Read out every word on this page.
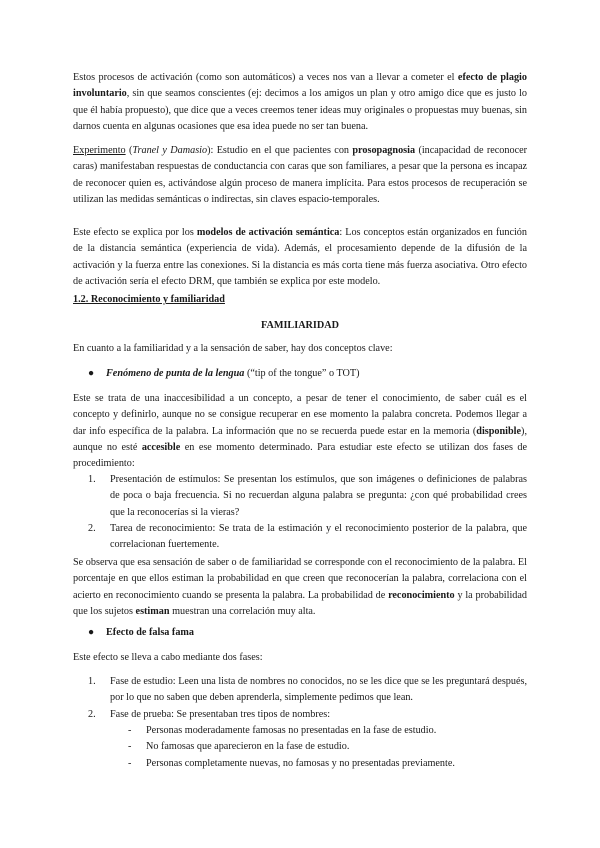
Estos procesos de activación (como son automáticos) a veces nos van a llevar a cometer el efecto de plagio involuntario, sin que seamos conscientes (ej: decimos a los amigos un plan y otro amigo dice que es justo lo que él había propuesto), que dice que a veces creemos tener ideas muy originales o propuestas muy buenas, sin darnos cuenta en algunas ocasiones que esa idea puede no ser tan buena.

Experimento (Tranel y Damasio): Estudio en el que pacientes con prosopagnosia (incapacidad de reconocer caras) manifestaban respuestas de conductancia con caras que son familiares, a pesar que la persona es incapaz de reconocer quien es, activándose algún proceso de manera implícita. Para estos procesos de recuperación se utilizan las medidas semánticas o indirectas, sin claves espacio-temporales.

Este efecto se explica por los modelos de activación semántica: Los conceptos están organizados en función de la distancia semántica (experiencia de vida). Además, el procesamiento depende de la difusión de la activación y la fuerza entre las conexiones. Si la distancia es más corta tiene más fuerza asociativa. Otro efecto de activación sería el efecto DRM, que también se explica por este modelo.

1.2. Reconocimiento y familiaridad

FAMILIARIDAD

En cuanto a la familiaridad y a la sensación de saber, hay dos conceptos clave:

● Fenómeno de punta de la lengua (“tip of the tongue” o TOT)

Este se trata de una inaccesibilidad a un concepto, a pesar de tener el conocimiento, de saber cuál es el concepto y definirlo, aunque no se consigue recuperar en ese momento la palabra concreta. Podemos llegar a dar info específica de la palabra. La información que no se recuerda puede estar en la memoria (disponible), aunque no esté accesible en ese momento determinado. Para estudiar este efecto se utilizan dos fases de procedimiento:

1. Presentación de estímulos: Se presentan los estímulos, que son imágenes o definiciones de palabras de poca o baja frecuencia. Si no recuerdan alguna palabra se pregunta: ¿con qué probabilidad crees que la reconocerías si la vieras?
2. Tarea de reconocimiento: Se trata de la estimación y el reconocimiento posterior de la palabra, que correlacionan fuertemente.

Se observa que esa sensación de saber o de familiaridad se corresponde con el reconocimiento de la palabra. El porcentaje en que ellos estiman la probabilidad en que creen que reconocerían la palabra, correlaciona con el acierto en reconocimiento cuando se presenta la palabra. La probabilidad de reconocimiento y la probabilidad que los sujetos estiman muestran una correlación muy alta.

● Efecto de falsa fama

Este efecto se lleva a cabo mediante dos fases:

1. Fase de estudio: Leen una lista de nombres no conocidos, no se les dice que se les preguntará después, por lo que no saben que deben aprenderla, simplemente pedimos que lean.
2. Fase de prueba: Se presentaban tres tipos de nombres:
- Personas moderadamente famosas no presentadas en la fase de estudio.
- No famosas que aparecieron en la fase de estudio.
- Personas completamente nuevas, no famosas y no presentadas previamente.
